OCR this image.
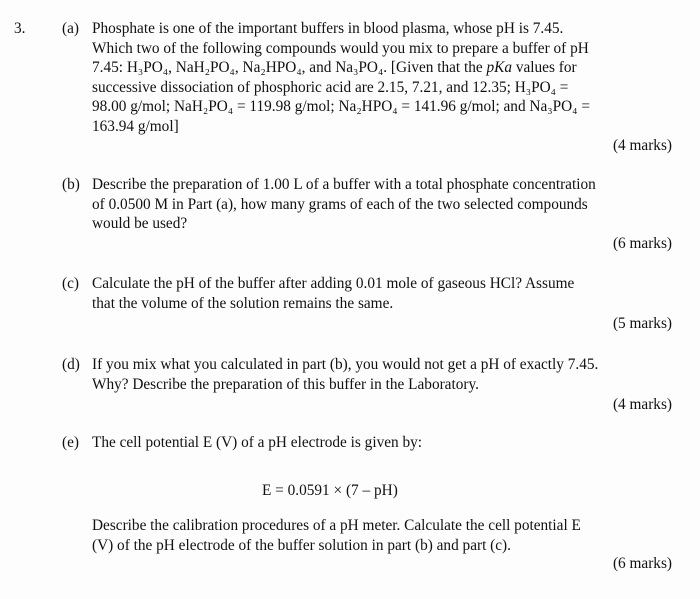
3. (a) Phosphate is one of the important buffers in blood plasma, whose pH is 7.45.
Which two of the following compounds would you mix to prepare a buffer of pH
7.45: H₃PO₄, NaH₂PO₄, Na₂HPO₄, and Na₃PO₄. [Given that the pKa values for
successive dissociation of phosphoric acid are 2.15, 7.21, and 12.35; H₃PO₄ =
98.00 g/mol; NaH₂PO₄ = 119.98 g/mol; Na₂HPO₄ = 141.96 g/mol; and Na₃PO₄ =
163.94 g/mol]
(4 marks)
(b) Describe the preparation of 1.00 L of a buffer with a total phosphate concentration
of 0.0500 M in Part (a), how many grams of each of the two selected compounds
would be used?
(6 marks)
(c) Calculate the pH of the buffer after adding 0.01 mole of gaseous HCl? Assume
that the volume of the solution remains the same.
(5 marks)
(d) If you mix what you calculated in part (b), you would not get a pH of exactly 7.45.
Why? Describe the preparation of this buffer in the Laboratory.
(4 marks)
(e) The cell potential E (V) of a pH electrode is given by:
Describe the calibration procedures of a pH meter. Calculate the cell potential E
(V) of the pH electrode of the buffer solution in part (b) and part (c).
(6 marks)
E = 0.0591 × (7 – pH)
